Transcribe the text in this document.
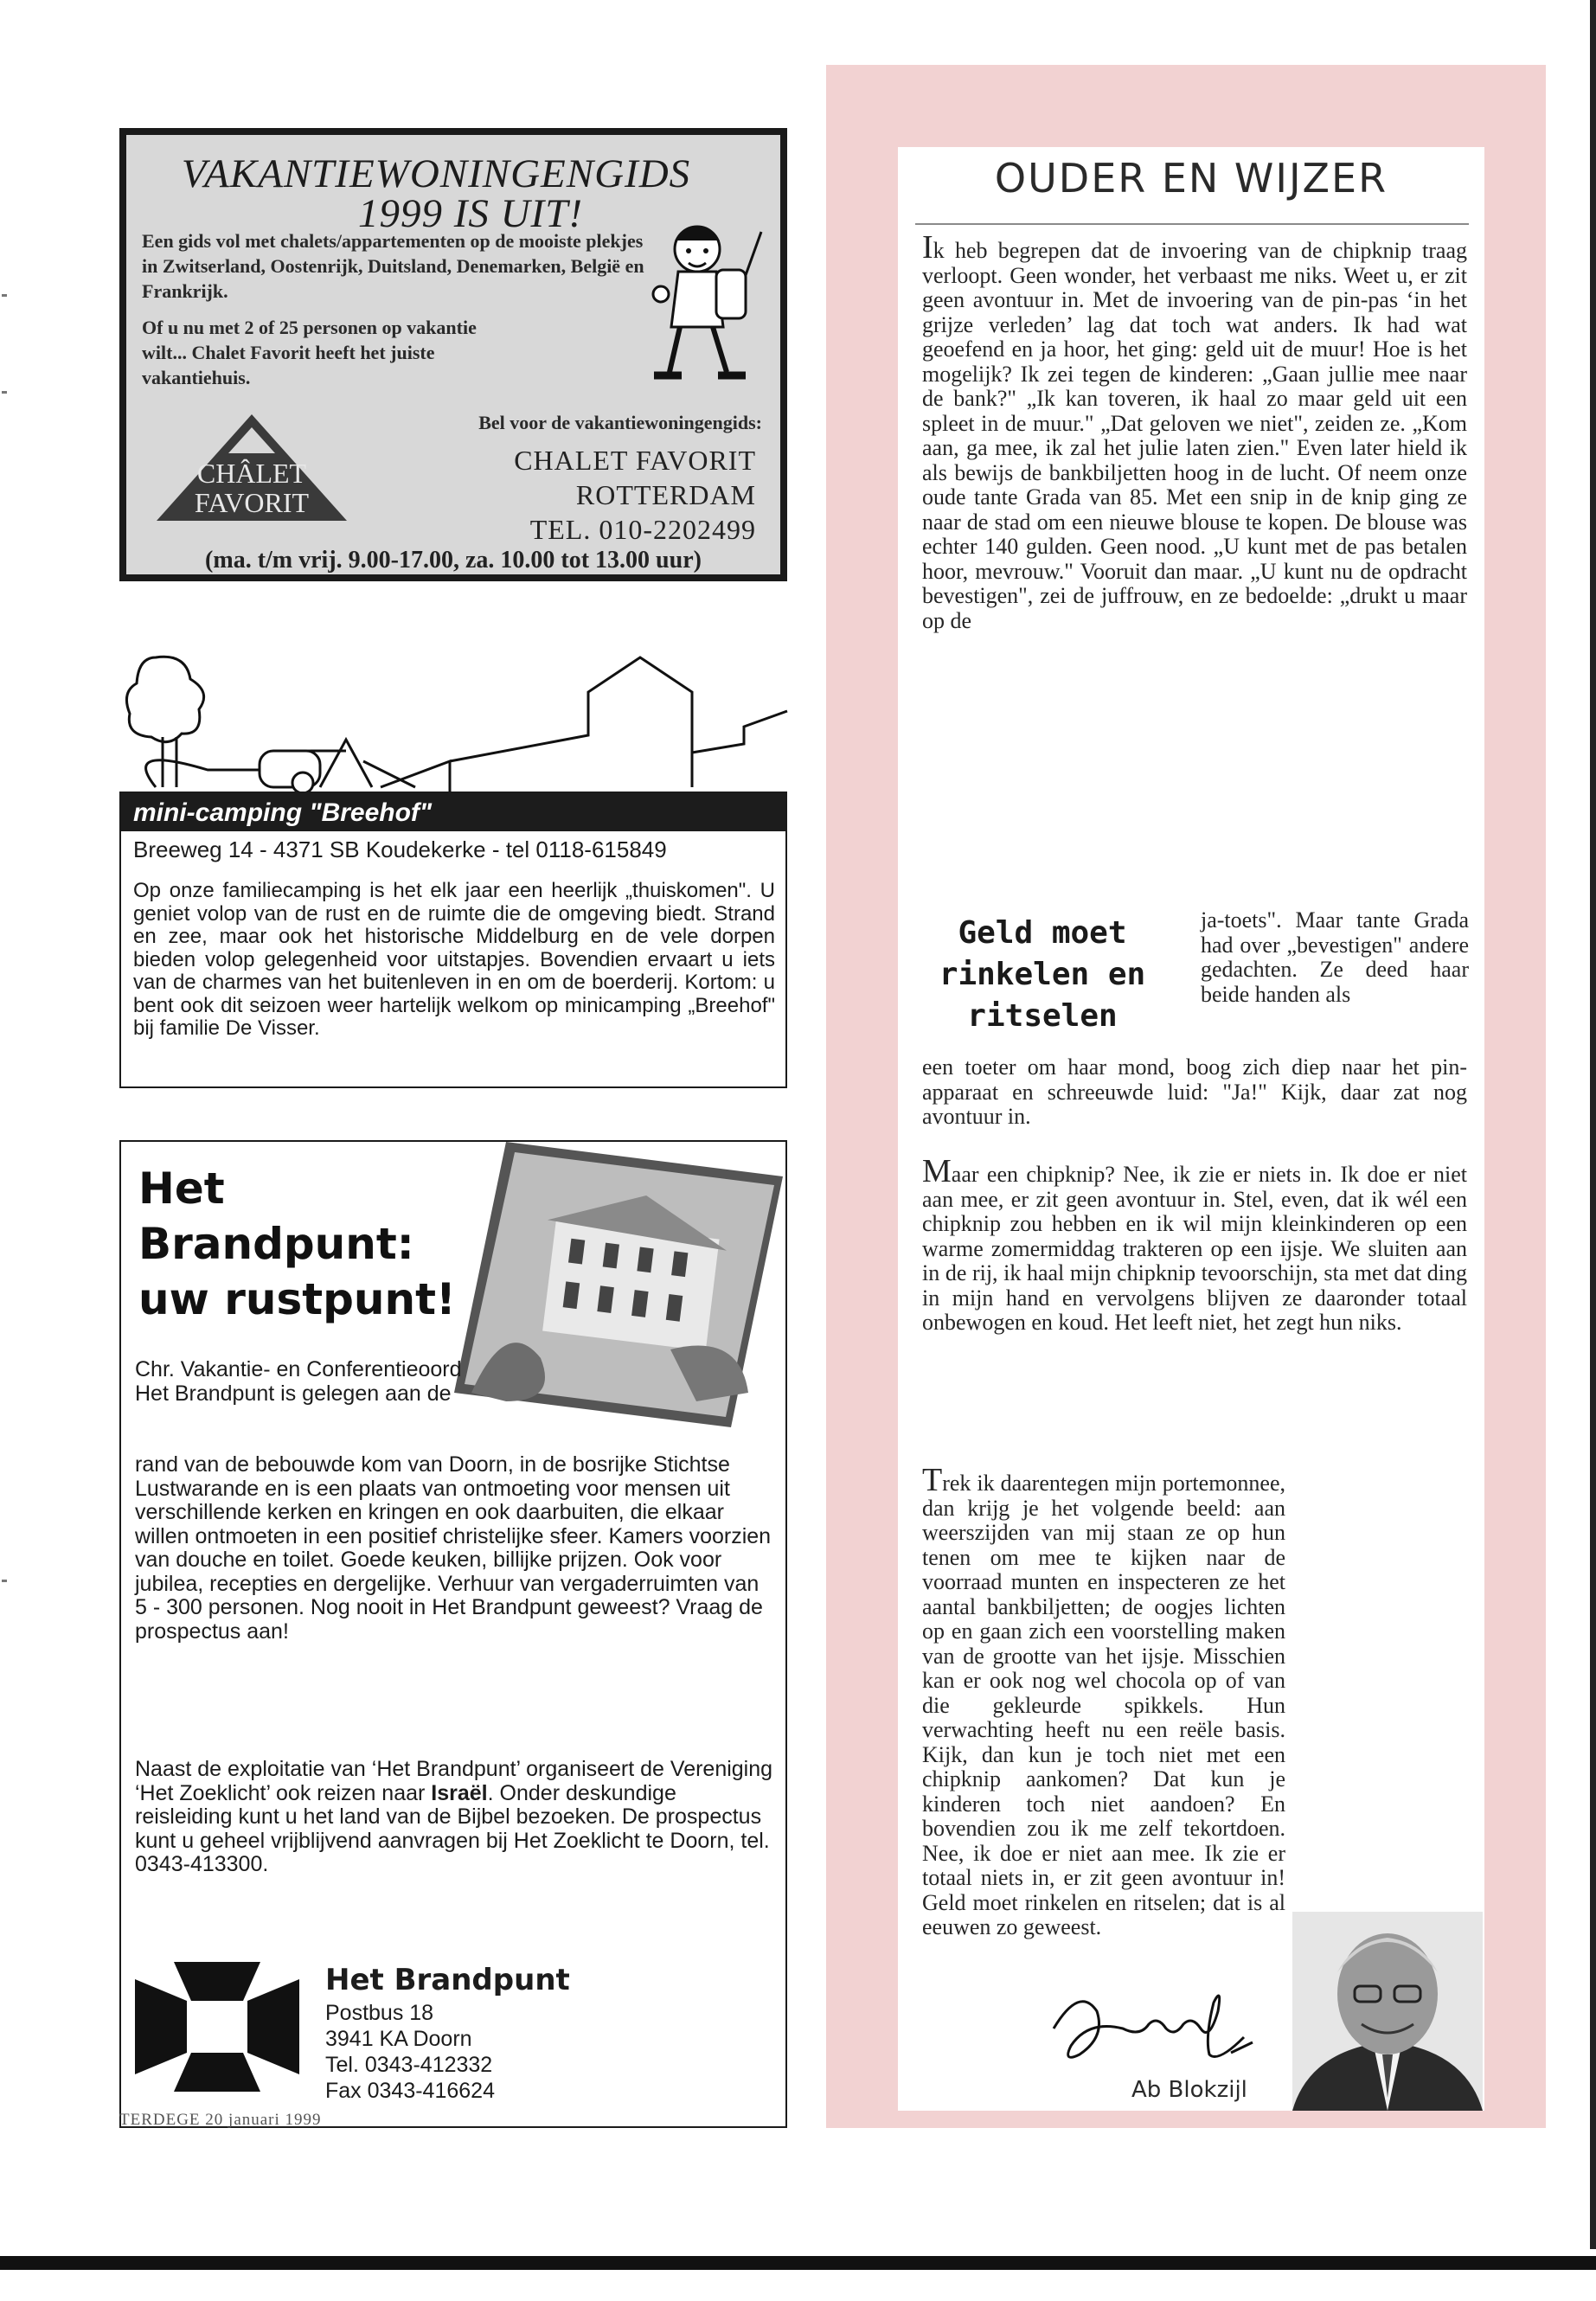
VAKANTIEWONINGENGIDS
1999 IS UIT!
Een gids vol met chalets/appartementen op de mooiste plekjes in Zwitserland, Oostenrijk, Duitsland, Denemarken, België en Frankrijk.
Of u nu met 2 of 25 personen op vakantie wilt... Chalet Favorit heeft het juiste vakantiehuis.
Bel voor de vakantiewoningengids:
CHALET FAVORIT
ROTTERDAM
TEL. 010-2202499
CHÂLET
FAVORIT
(ma. t/m vrij. 9.00-17.00, za. 10.00 tot 13.00 uur)
mini-camping "Breehof"
Breeweg 14 - 4371 SB Koudekerke - tel 0118-615849
Op onze familiecamping is het elk jaar een heerlijk „thuiskomen". U geniet volop van de rust en de ruimte die de omgeving biedt. Strand en zee, maar ook het historische Middelburg en de vele dorpen bieden volop gelegenheid voor uitstapjes. Bovendien ervaart u iets van de charmes van het buitenleven in en om de boerderij. Kortom: u bent ook dit seizoen weer hartelijk welkom op minicamping „Breehof" bij familie De Visser.
Het
Brandpunt:
uw rustpunt!
Chr. Vakantie- en Conferentieoord Het Brandpunt is gelegen aan de
rand van de bebouwde kom van Doorn, in de bosrijke Stichtse Lustwarande en is een plaats van ontmoeting voor mensen uit verschillende kerken en kringen en ook daarbuiten, die elkaar willen ontmoeten in een positief christelijke sfeer. Kamers voorzien van douche en toilet. Goede keuken, billijke prijzen. Ook voor jubilea, recepties en dergelijke. Verhuur van vergaderruimten van 5 - 300 personen. Nog nooit in Het Brandpunt geweest? Vraag de prospectus aan!
Naast de exploitatie van ‘Het Brandpunt’ organiseert de Vereniging ‘Het Zoeklicht’ ook reizen naar Israël. Onder deskundige reisleiding kunt u het land van de Bijbel bezoeken. De prospectus kunt u geheel vrijblijvend aanvragen bij Het Zoeklicht te Doorn, tel. 0343-413300.
Het Brandpunt
Postbus 18
3941 KA Doorn
Tel. 0343-412332
Fax 0343-416624
TERDEGE 20 januari 1999
OUDER EN WIJZER

Ik heb begrepen dat de invoering van de chipknip traag verloopt. Geen wonder, het verbaast me niks. Weet u, er zit geen avontuur in. Met de invoering van de pin-pas ‘in het grijze verleden’ lag dat toch wat anders. Ik had wat geoefend en ja hoor, het ging: geld uit de muur! Hoe is het mogelijk? Ik zei tegen de kinderen: „Gaan jullie mee naar de bank?" „Ik kan toveren, ik haal zo maar geld uit een spleet in de muur." „Dat geloven we niet", zeiden ze. „Kom aan, ga mee, ik zal het julie laten zien." Even later hield ik als bewijs de bankbiljetten hoog in de lucht. Of neem onze oude tante Grada van 85. Met een snip in de knip ging ze naar de stad om een nieuwe blouse te kopen. De blouse was echter 140 gulden. Geen nood. „U kunt met de pas betalen hoor, mevrouw." Vooruit dan maar. „U kunt nu de opdracht bevestigen", zei de juffrouw, en ze bedoelde: „drukt u maar op de

Geld moet rinkelen en ritselen
ja-toets". Maar tante Grada had over „bevestigen" andere gedachten. Ze deed haar beide handen als
een toeter om haar mond, boog zich diep naar het pin-apparaat en schreeuwde luid: "Ja!" Kijk, daar zat nog avontuur in.

Maar een chipknip? Nee, ik zie er niets in. Ik doe er niet aan mee, er zit geen avontuur in. Stel, even, dat ik wél een chipknip zou hebben en ik wil mijn kleinkinderen op een warme zomermiddag trakteren op een ijsje. We sluiten aan in de rij, ik haal mijn chipknip tevoorschijn, sta met dat ding in mijn hand en vervolgens blijven ze daaronder totaal onbewogen en koud. Het leeft niet, het zegt hun niks.

Trek ik daarentegen mijn portemonnee, dan krijg je het volgende beeld: aan weerszijden van mij staan ze op hun tenen om mee te kijken naar de voorraad munten en inspecteren ze het aantal bankbiljetten; de oogjes lichten op en gaan zich een voorstelling maken van de grootte van het ijsje. Misschien kan er ook nog wel chocola op of van die gekleurde spikkels. Hun verwachting heeft nu een reële basis. Kijk, dan kun je toch niet met een chipknip aankomen? Dat kun je kinderen toch niet aandoen? En bovendien zou ik me zelf tekortdoen. Nee, ik doe er niet aan mee. Ik zie er totaal niets in, er zit geen avontuur in! Geld moet rinkelen en ritselen; dat is al eeuwen zo geweest.

Ab Blokzijl
